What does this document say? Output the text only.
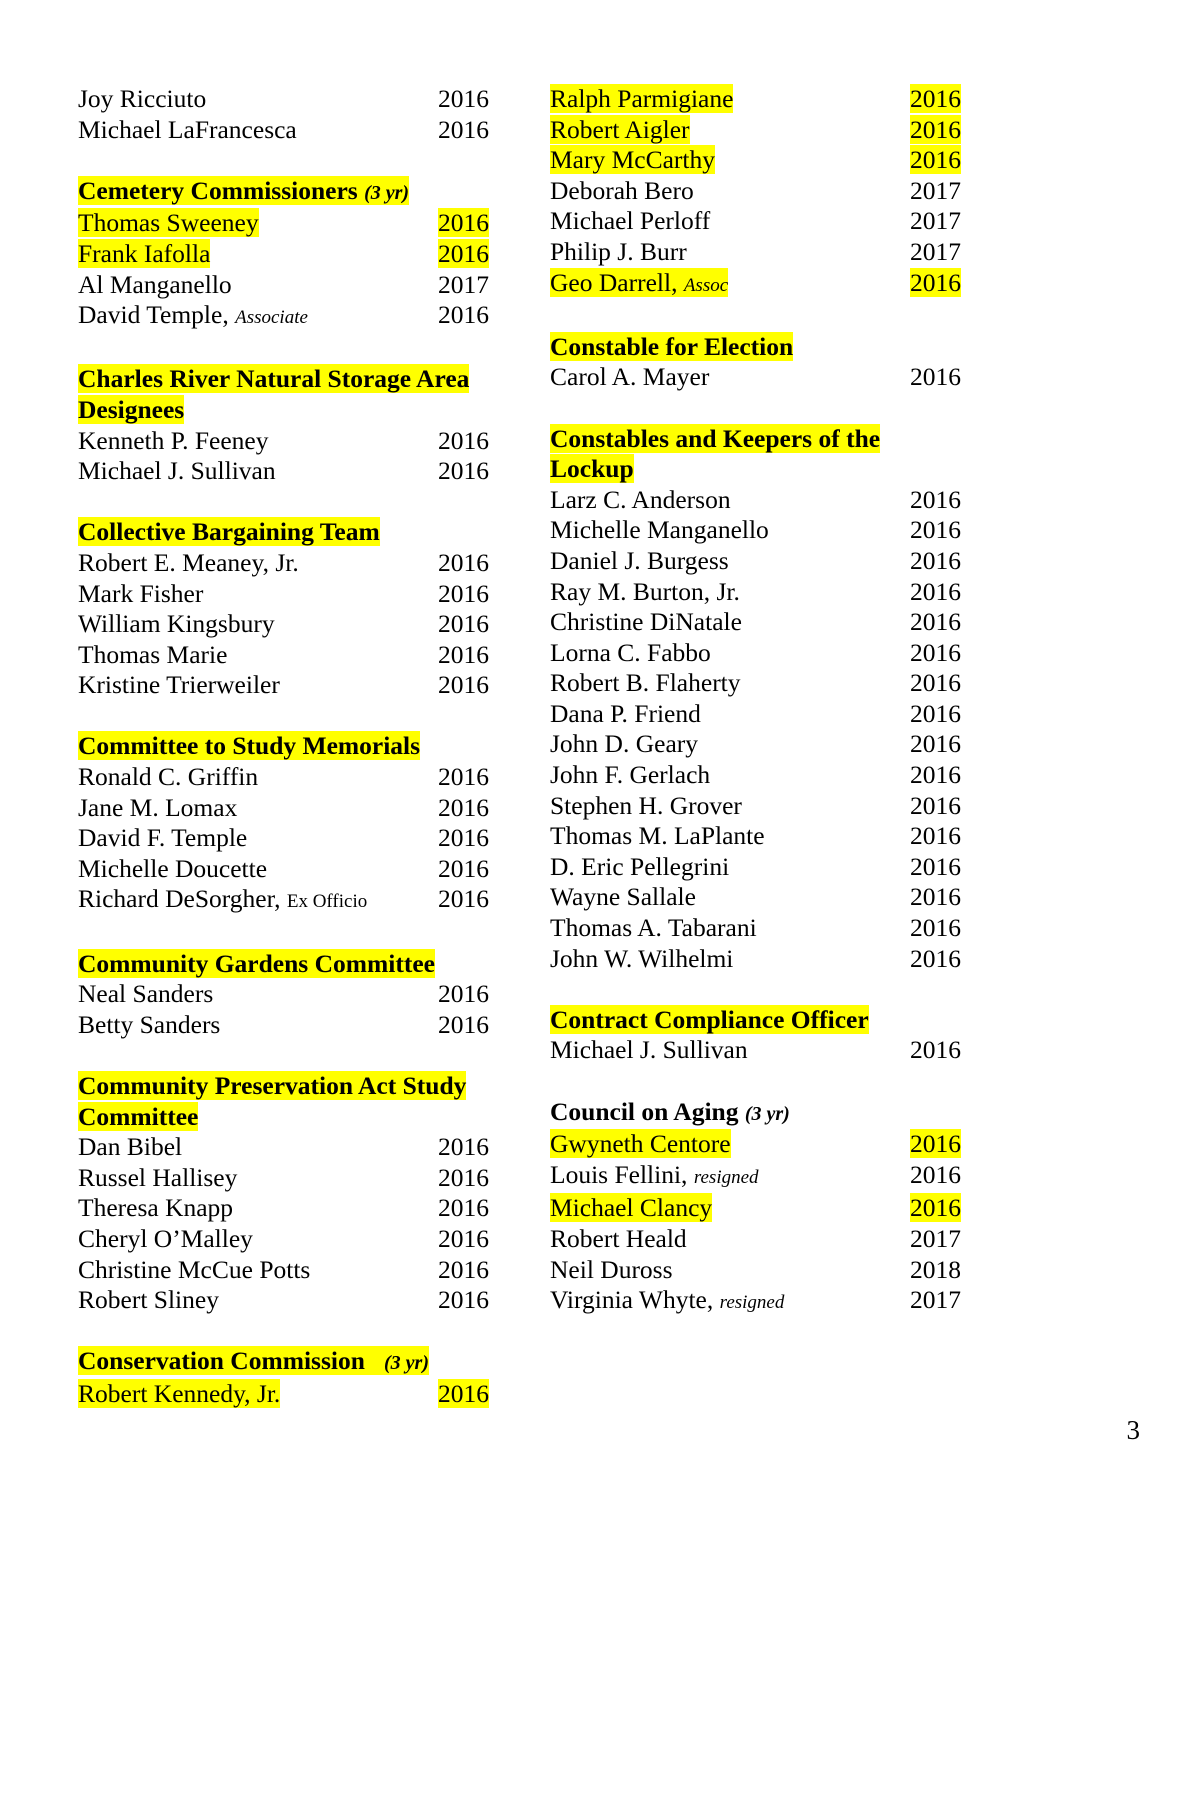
Joy Ricciuto	2016
Michael LaFrancesca	2016
Cemetery Commissioners (3 yr)
Thomas Sweeney	2016
Frank Iafolla	2016
Al Manganello	2017
David Temple, Associate	2016
Charles River Natural Storage Area
Designees
Kenneth P. Feeney	2016
Michael J. Sullivan	2016
Collective Bargaining Team
Robert E. Meaney, Jr.	2016
Mark Fisher	2016
William Kingsbury	2016
Thomas Marie	2016
Kristine Trierweiler	2016
Committee to Study Memorials
Ronald C. Griffin	2016
Jane M. Lomax	2016
David F. Temple	2016
Michelle Doucette	2016
Richard DeSorgher, Ex Officio	2016
Community Gardens Committee
Neal Sanders	2016
Betty Sanders	2016
Community Preservation Act Study
Committee
Dan Bibel	2016
Russel Hallisey	2016
Theresa Knapp	2016
Cheryl O’Malley	2016
Christine McCue Potts	2016
Robert Sliney	2016
Conservation Commission (3 yr)
Robert Kennedy, Jr.	2016
Ralph Parmigiane	2016
Robert Aigler	2016
Mary McCarthy	2016
Deborah Bero	2017
Michael Perloff	2017
Philip J. Burr	2017
Geo Darrell, Assoc	2016
Constable for Election
Carol A. Mayer	2016
Constables and Keepers of the
Lockup
Larz C. Anderson	2016
Michelle Manganello	2016
Daniel J. Burgess	2016
Ray M. Burton, Jr.	2016
Christine DiNatale	2016
Lorna C. Fabbo	2016
Robert B. Flaherty	2016
Dana P. Friend	2016
John D. Geary	2016
John F. Gerlach	2016
Stephen H. Grover	2016
Thomas M. LaPlante	2016
D. Eric Pellegrini	2016
Wayne Sallale	2016
Thomas A. Tabarani	2016
John W. Wilhelmi	2016
Contract Compliance Officer
Michael J. Sullivan	2016
Council on Aging (3 yr)
Gwyneth Centore	2016
Louis Fellini, resigned	2016
Michael Clancy	2016
Robert Heald	2017
Neil Duross	2018
Virginia Whyte, resigned	2017
3
